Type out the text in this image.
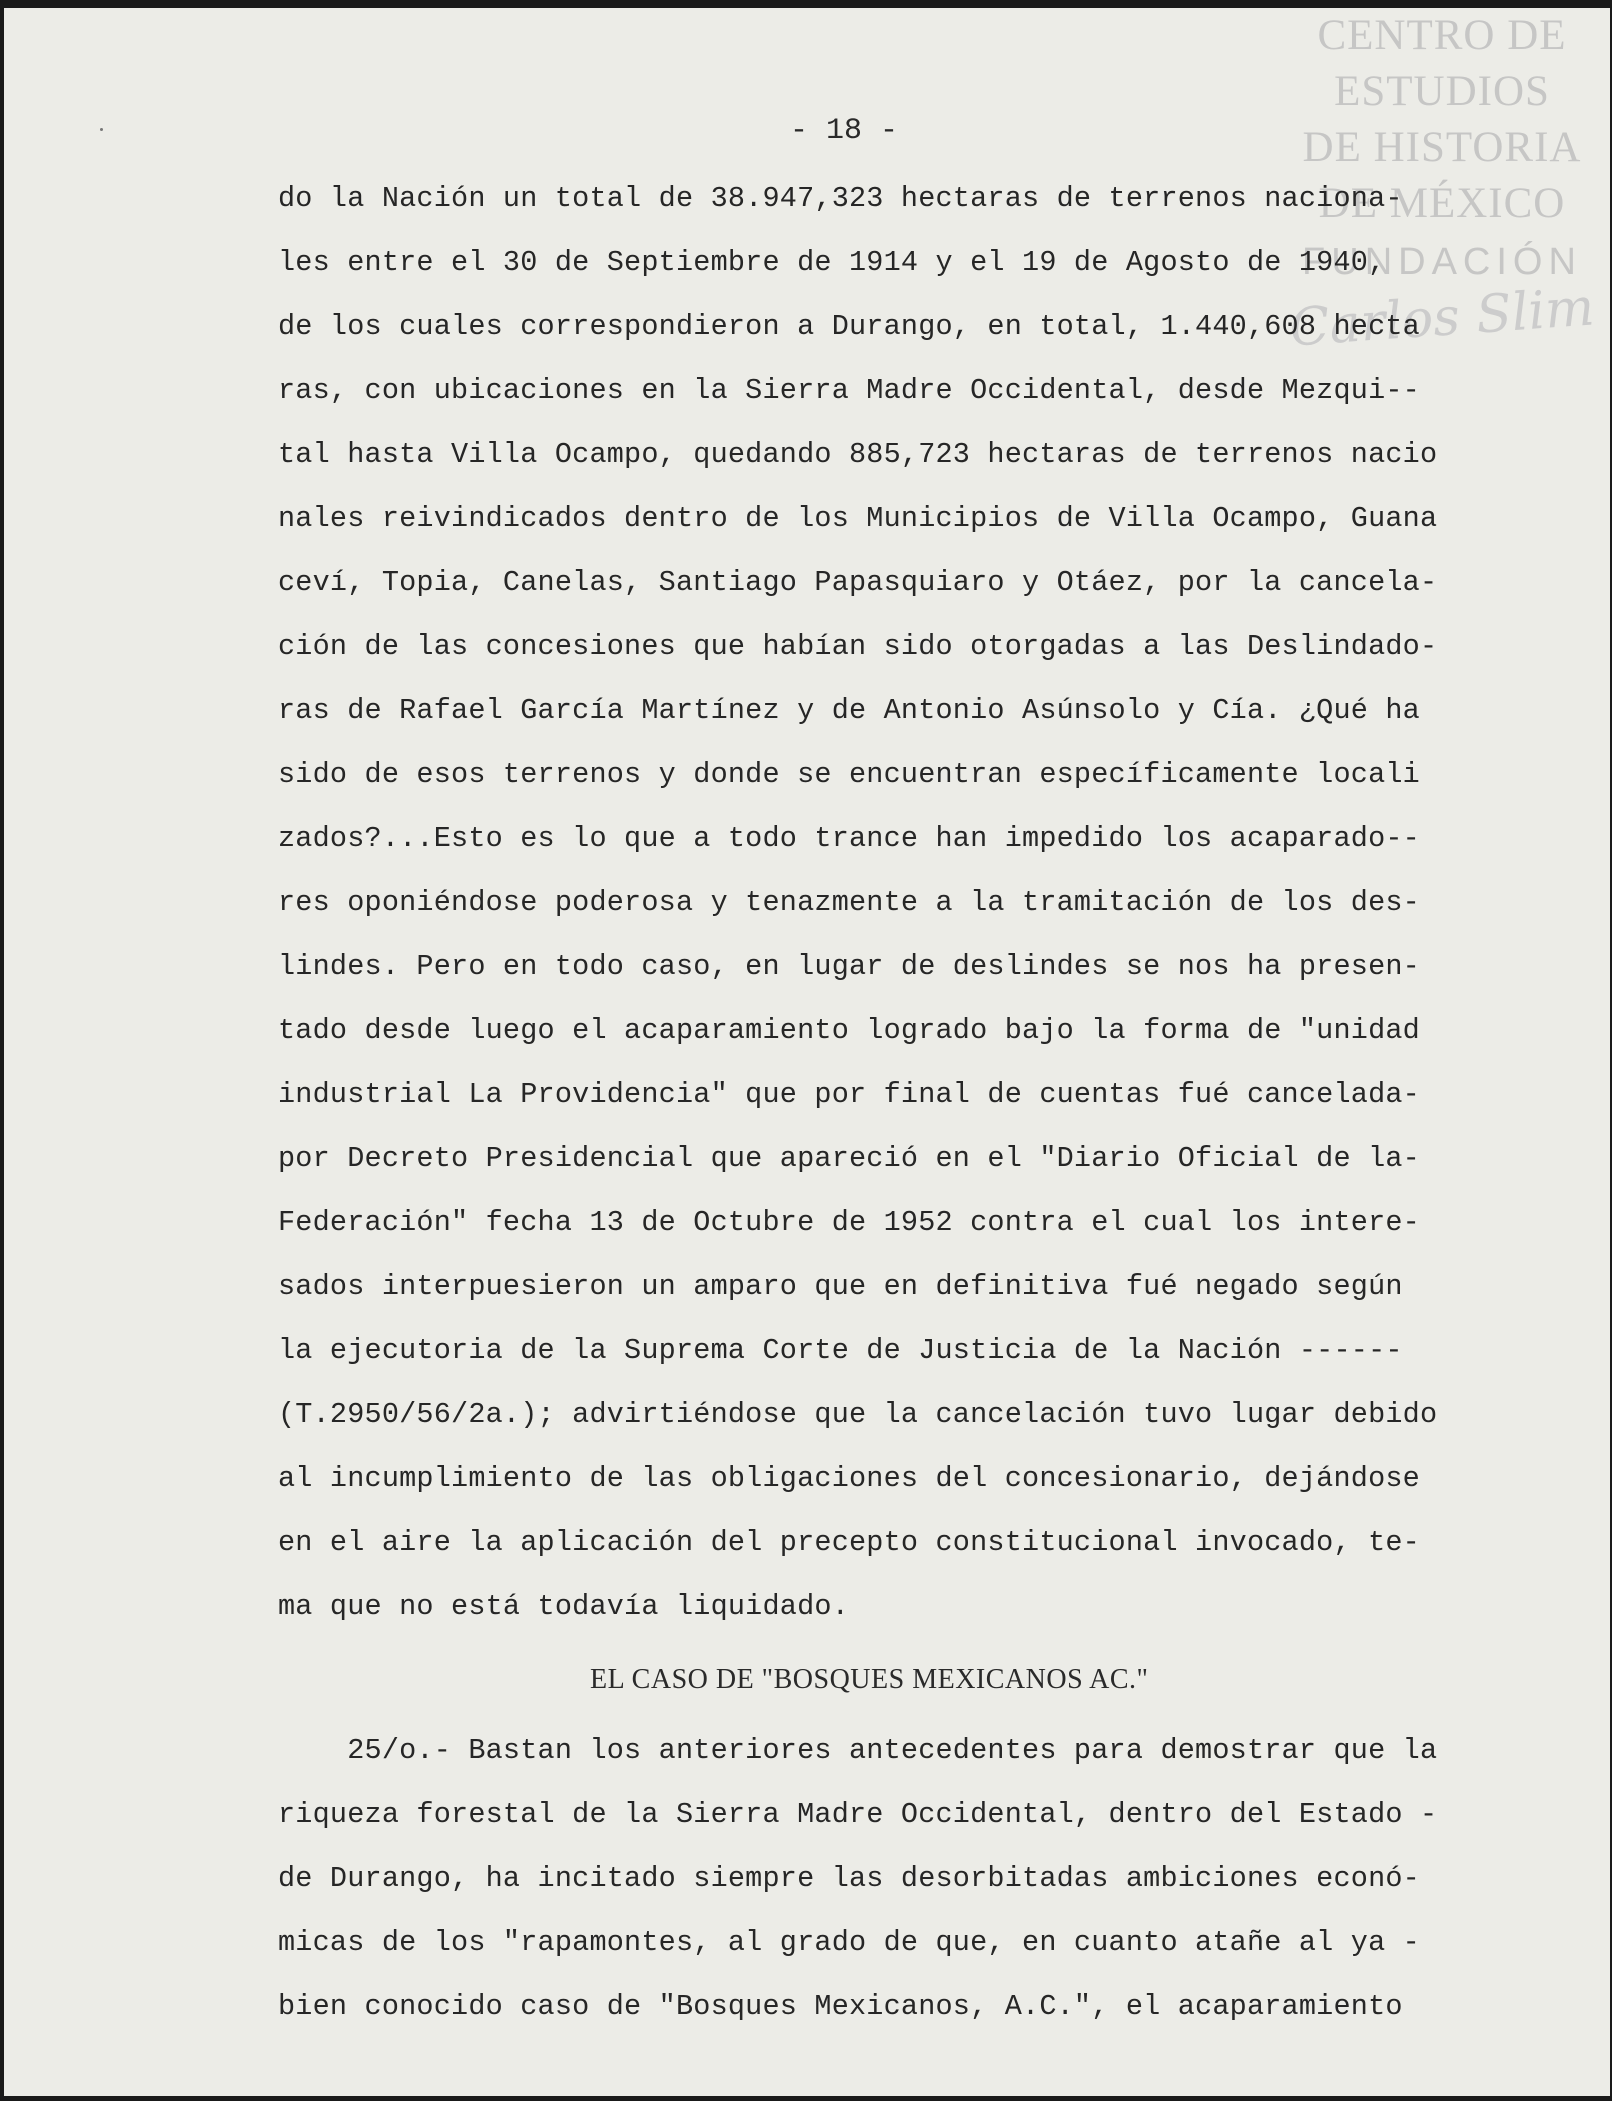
CENTRO DE
ESTUDIOS
DE HISTORIA
DE MÉXICO
FUNDACIÓN
Carlos Slim
- 18 -
do la Nación un total de 38.947,323 hectaras de terrenos naciona-
les entre el 30 de Septiembre de 1914 y el 19 de Agosto de 1940,
de los cuales correspondieron a Durango, en total, 1.440,608 hecta
ras, con ubicaciones en la Sierra Madre Occidental, desde Mezqui--
tal hasta Villa Ocampo, quedando 885,723 hectaras de terrenos nacio
nales reivindicados dentro de los Municipios de Villa Ocampo, Guana
ceví, Topia, Canelas, Santiago Papasquiaro y Otáez, por la cancela-
ción de las concesiones que habían sido otorgadas a las Deslindado-
ras de Rafael García Martínez y de Antonio Asúnsolo y Cía. ¿Qué ha
sido de esos terrenos y donde se encuentran específicamente locali
zados?...Esto es lo que a todo trance han impedido los acaparado--
res oponiéndose poderosa y tenazmente a la tramitación de los des-
lindes. Pero en todo caso, en lugar de deslindes se nos ha presen-
tado desde luego el acaparamiento logrado bajo la forma de "unidad
industrial La Providencia" que por final de cuentas fué cancelada-
por Decreto Presidencial que apareció en el "Diario Oficial de la-
Federación" fecha 13 de Octubre de 1952 contra el cual los intere-
sados interpuesieron un amparo que en definitiva fué negado según
la ejecutoria de la Suprema Corte de Justicia de la Nación ------
(T.2950/56/2a.); advirtiéndose que la cancelación tuvo lugar debido
al incumplimiento de las obligaciones del concesionario, dejándose
en el aire la aplicación del precepto constitucional invocado, te-
ma que no está todavía liquidado.
EL CASO DE "BOSQUES MEXICANOS AC."
25/o.- Bastan los anteriores antecedentes para demostrar que la
riqueza forestal de la Sierra Madre Occidental, dentro del Estado -
de Durango, ha incitado siempre las desorbitadas ambiciones econó-
micas de los "rapamontes, al grado de que, en cuanto atañe al ya -
bien conocido caso de "Bosques Mexicanos, A.C.", el acaparamiento
